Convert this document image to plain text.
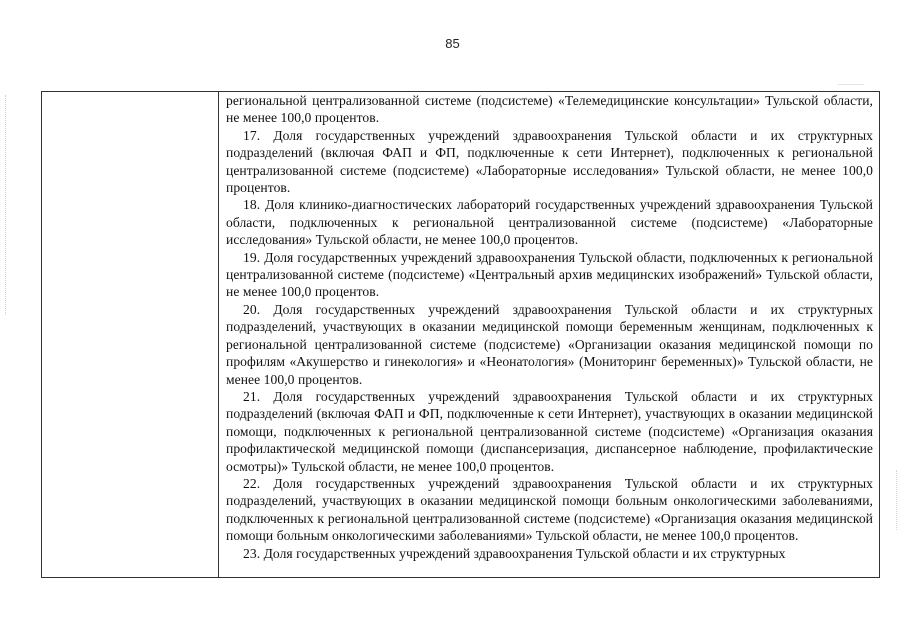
85

региональной централизованной системе (подсистеме) «Телемедицинские консультации» Тульской области, не менее 100,0 процентов.

17. Доля государственных учреждений здравоохранения Тульской области и их структурных подразделений (включая ФАП и ФП, подключенные к сети Интернет), подключенных к региональной централизованной системе (подсистеме) «Лабораторные исследования» Тульской области, не менее 100,0 процентов.

18. Доля клинико-диагностических лабораторий государственных учреждений здравоохранения Тульской области, подключенных к региональной централизованной системе (подсистеме) «Лабораторные исследования» Тульской области, не менее 100,0 процентов.

19. Доля государственных учреждений здравоохранения Тульской области, подключенных к региональной централизованной системе (подсистеме) «Центральный архив медицинских изображений» Тульской области, не менее 100,0 процентов.

20. Доля государственных учреждений здравоохранения Тульской области и их структурных подразделений, участвующих в оказании медицинской помощи беременным женщинам, подключенных к региональной централизованной системе (подсистеме) «Организации оказания медицинской помощи по профилям «Акушерство и гинекология» и «Неонатология» (Мониторинг беременных)» Тульской области, не менее 100,0 процентов.

21. Доля государственных учреждений здравоохранения Тульской области и их структурных подразделений (включая ФАП и ФП, подключенные к сети Интернет), участвующих в оказании медицинской помощи, подключенных к региональной централизованной системе (подсистеме) «Организация оказания профилактической медицинской помощи (диспансеризация, диспансерное наблюдение, профилактические осмотры)» Тульской области, не менее 100,0 процентов.

22. Доля государственных учреждений здравоохранения Тульской области и их структурных подразделений, участвующих в оказании медицинской помощи больным онкологическими заболеваниями, подключенных к региональной централизованной системе (подсистеме) «Организация оказания медицинской помощи больным онкологическими заболеваниями» Тульской области, не менее 100,0 процентов.

23. Доля государственных учреждений здравоохранения Тульской области и их структурных
